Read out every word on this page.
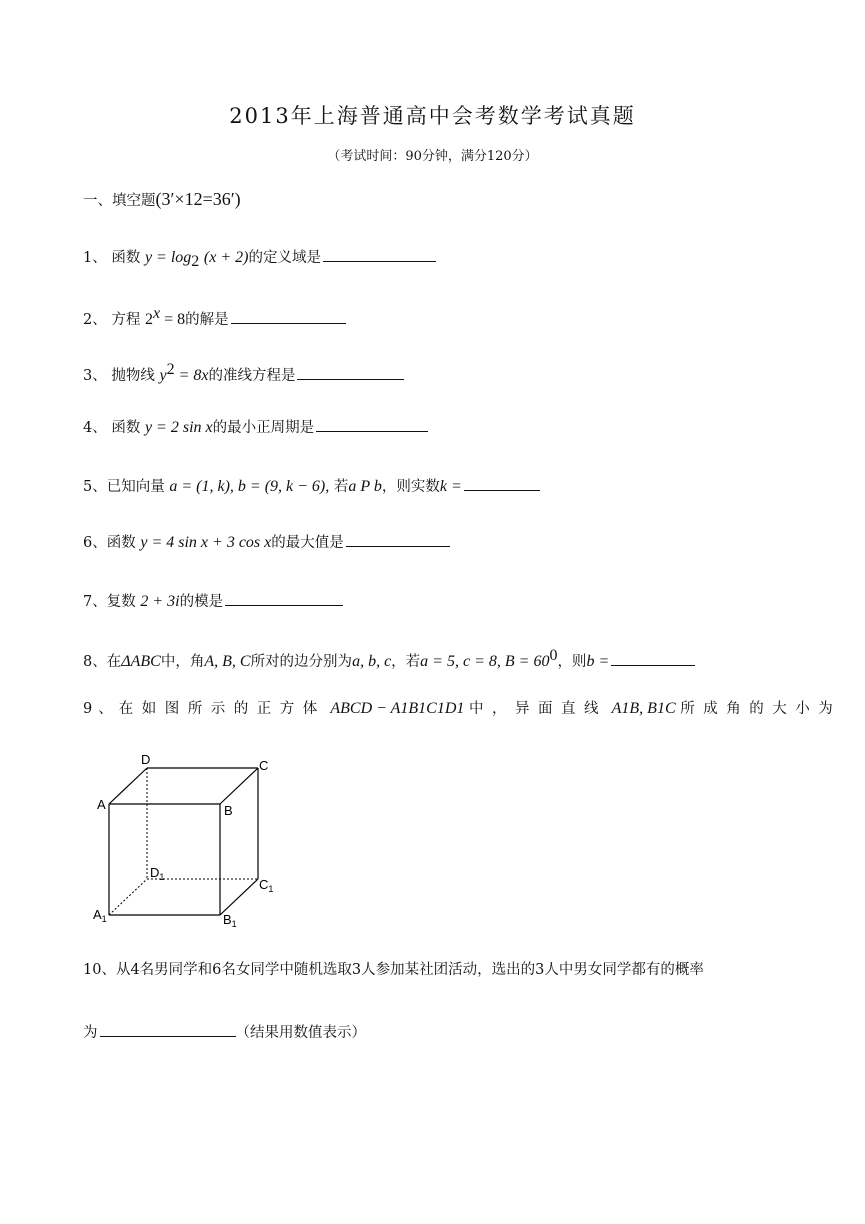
2013年上海普通高中会考数学考试真题
（考试时间：90分钟，满分120分）
一、填空题(3′×12=36′)
1、 函数 $y = \log_2 (x + 2)$的定义域是
2、 方程 $2^x = 8$的解是
3、 抛物线 $y^2 = 8x$的准线方程是
4、 函数 y = 2 sin x的最小正周期是
5、已知向量 a = (1, k), b = (9, k − 6), 若a P b，则实数k =
6、函数 y = 4 sin x + 3 cos x的最大值是
7、复数 2 + 3i的模是
8、在ΔABC中，角A, B, C所对的边分别为a, b, c，若a = 5, c = 8, $B = 60^0$，则b =
9、在如图所示的正方体 ABCD − A1B1C1D1 中，异面直线 A1B, B1C 所成角的大小为
D	C
A	B
$D_1$	$C_1$
$A_1$	$B_1$
10、从4名男同学和6名女同学中随机选取3人参加某社团活动，选出的3人中男女同学都有的概率
为	（结果用数值表示）
